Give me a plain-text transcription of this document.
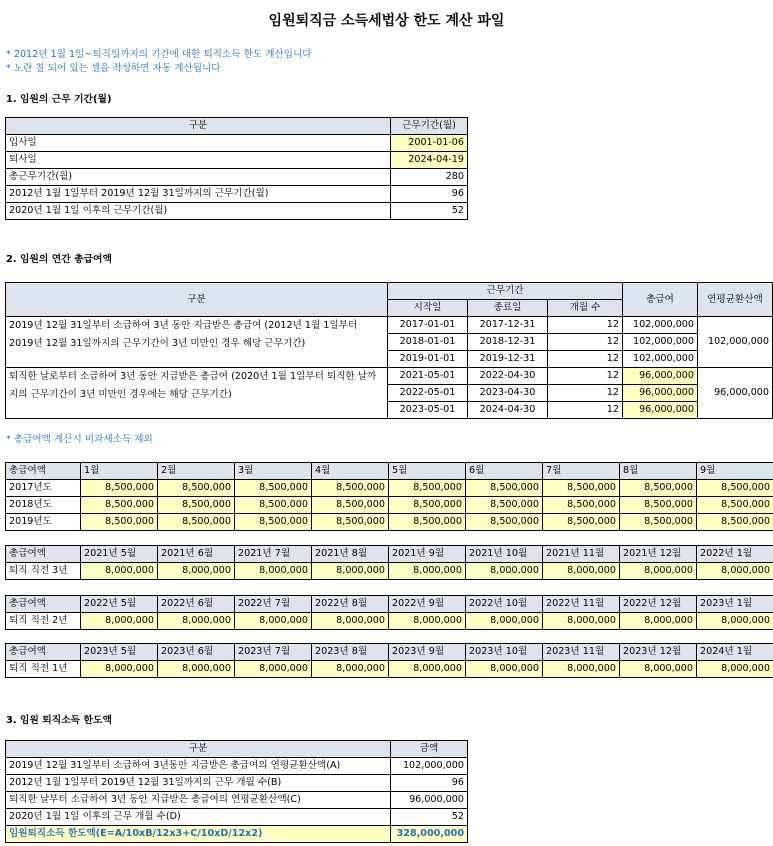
임원퇴직금 소득세법상 한도 계산 파일
* 2012년 1월 1일~퇴직일까지의 기간에 대한 퇴직소득 한도 계산입니다
* 노란 칠 되어 있는 셀을 작성하면 자동 계산됩니다
1. 임원의 근무 기간(월)
구분	근무기간(월)
입사일	2001-01-06
퇴사일	2024-04-19
총근무기간(월)	280
2012년 1월 1일부터 2019년 12월 31일까지의 근무기간(월)	96
2020년 1월 1일 이후의 근무기간(월)	52
2. 임원의 연간 총급여액
구분	근무기간			총급여	연평균환산액
	시작일	종료일	개월 수		
2019년 12월 31일부터 소급하여 3년 동안 지급받은 총급여 (2012년 1월 1일부터 2019년 12월 31일까지의 근무기간이 3년 미만인 경우 해당 근무기간)	2017-01-01	2017-12-31	12	102,000,000	102,000,000
	2018-01-01	2018-12-31	12	102,000,000	
	2019-01-01	2019-12-31	12	102,000,000	
퇴직한 날로부터 소급하여 3년 동안 지급받은 총급여 (2020년 1월 1일부터 퇴직한 날까지의 근무기간이 3년 미만인 경우에는 해당 근무기간)	2021-05-01	2022-04-30	12	96,000,000	96,000,000
	2022-05-01	2023-04-30	12	96,000,000	
	2023-05-01	2024-04-30	12	96,000,000	
* 총급여액 계산시 비과세소득 제외
총급여액	1월	2월	3월	4월	5월	6월	7월	8월	9월
2017년도	8,500,000	8,500,000	8,500,000	8,500,000	8,500,000	8,500,000	8,500,000	8,500,000	8,500,000
2018년도	8,500,000	8,500,000	8,500,000	8,500,000	8,500,000	8,500,000	8,500,000	8,500,000	8,500,000
2019년도	8,500,000	8,500,000	8,500,000	8,500,000	8,500,000	8,500,000	8,500,000	8,500,000	8,500,000
총급여액	2021년 5월	2021년 6월	2021년 7월	2021년 8월	2021년 9월	2021년 10월	2021년 11월	2021년 12월	2022년 1월
퇴직 직전 3년	8,000,000	8,000,000	8,000,000	8,000,000	8,000,000	8,000,000	8,000,000	8,000,000	8,000,000
총급여액	2022년 5월	2022년 6월	2022년 7월	2022년 8월	2022년 9월	2022년 10월	2022년 11월	2022년 12월	2023년 1월
퇴직 직전 2년	8,000,000	8,000,000	8,000,000	8,000,000	8,000,000	8,000,000	8,000,000	8,000,000	8,000,000
총급여액	2023년 5월	2023년 6월	2023년 7월	2023년 8월	2023년 9월	2023년 10월	2023년 11월	2023년 12월	2024년 1월
퇴직 직전 1년	8,000,000	8,000,000	8,000,000	8,000,000	8,000,000	8,000,000	8,000,000	8,000,000	8,000,000
3. 임원 퇴직소득 한도액
구분	금액
2019년 12월 31일부터 소급하여 3년동안 지급받은 총급여의 연평균환산액(A)	102,000,000
2012년 1월 1일부터 2019년 12월 31일까지의 근무 개월 수(B)	96
퇴직한 날부터 소급하여 3년 동안 지급받은 총급여의 연평균환산액(C)	96,000,000
2020년 1월 1일 이후의 근무 개월 수(D)	52
임원퇴직소득 한도액(E=A/10xB/12x3+C/10xD/12x2)	328,000,000
